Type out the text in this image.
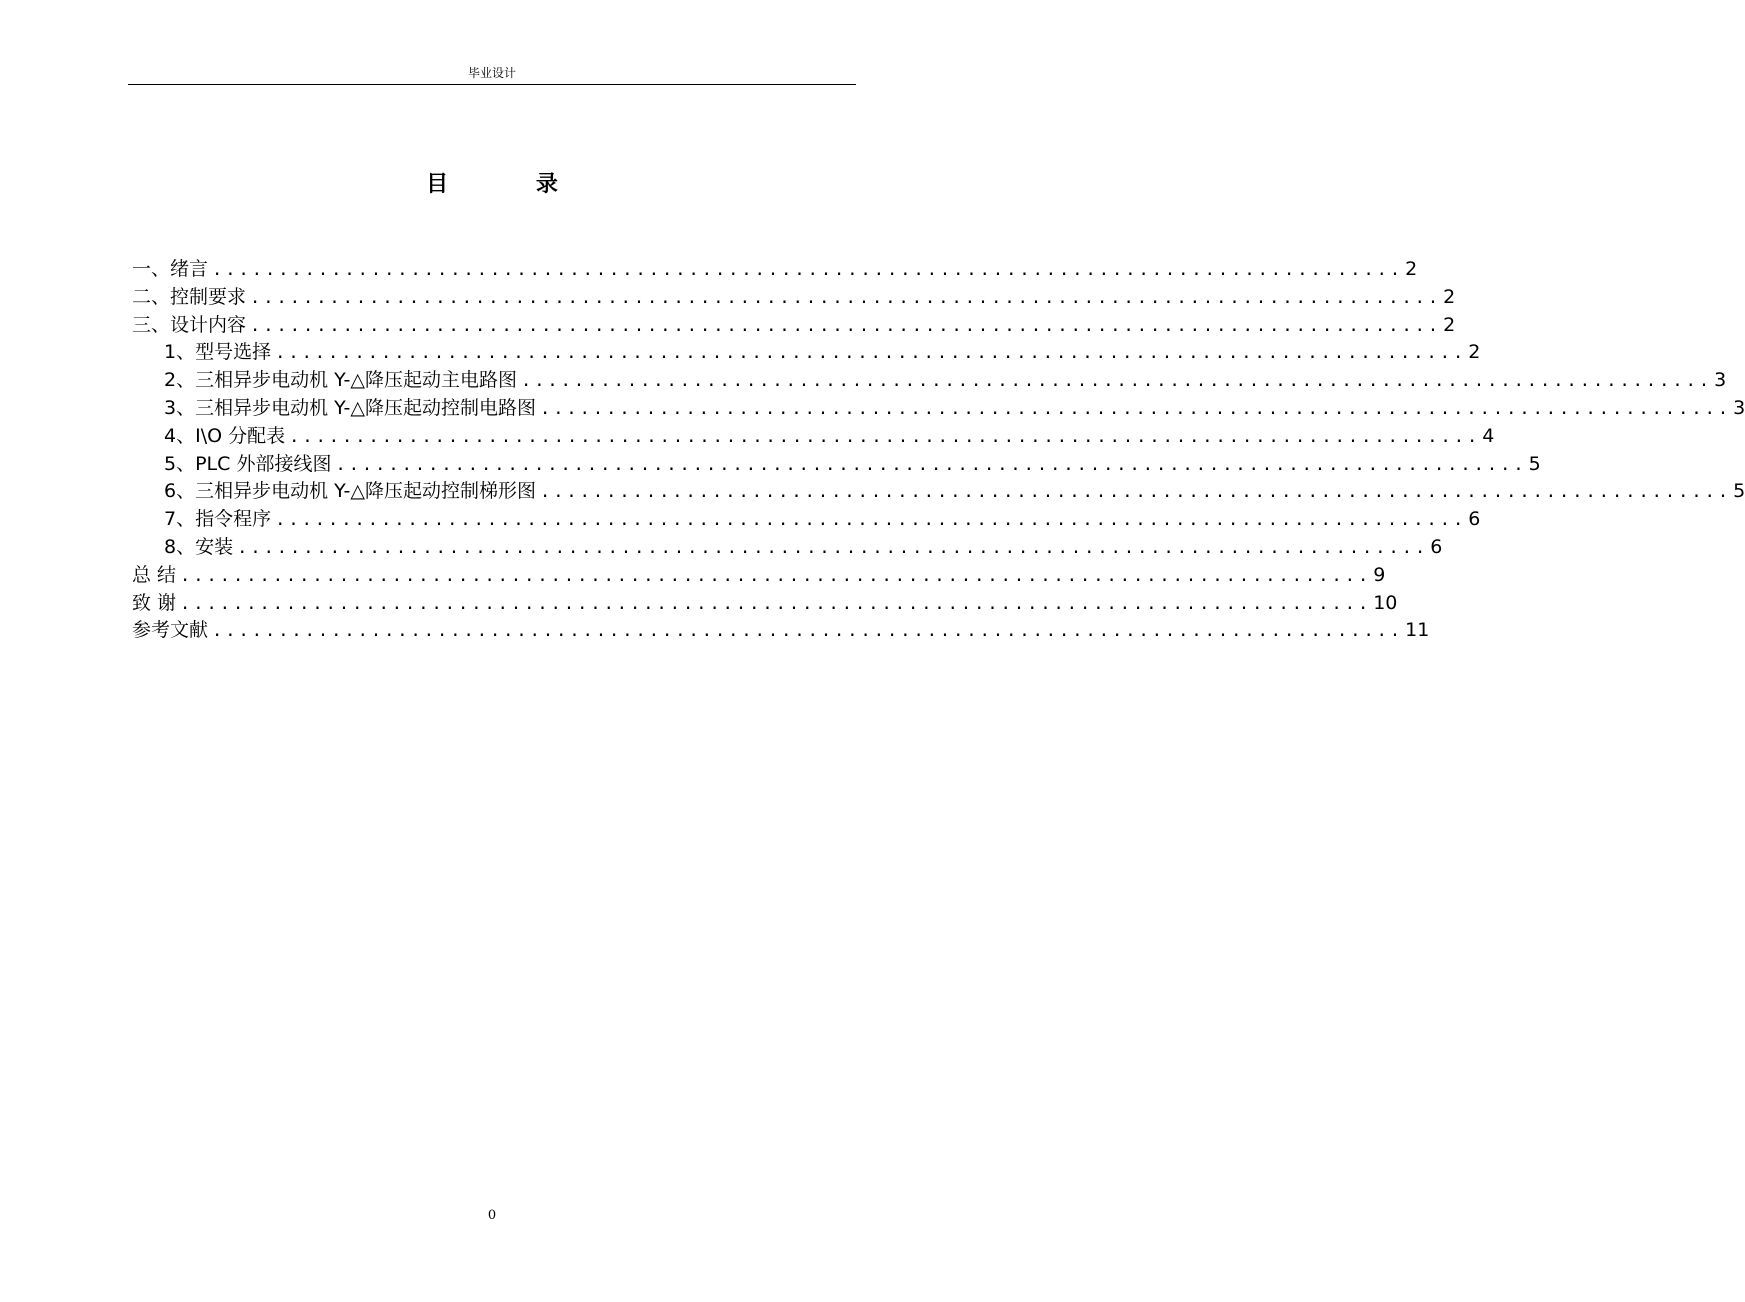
毕业设计
目 录
一、绪言 .......................................................................................... 2
二、控制要求 .......................................................................................... 2
三、设计内容 .......................................................................................... 2
1、型号选择 .......................................................................................... 2
2、三相异步电动机 Y-△降压起动主电路图 .......................................................................................... 3
3、三相异步电动机 Y-△降压起动控制电路图 .......................................................................................... 3
4、I\O 分配表 .......................................................................................... 4
5、PLC 外部接线图 .......................................................................................... 5
6、三相异步电动机 Y-△降压起动控制梯形图 .......................................................................................... 5
7、指令程序 .......................................................................................... 6
8、安装 .......................................................................................... 6
总 结 .......................................................................................... 9
致 谢 .......................................................................................... 10
参考文献 .......................................................................................... 11
0
